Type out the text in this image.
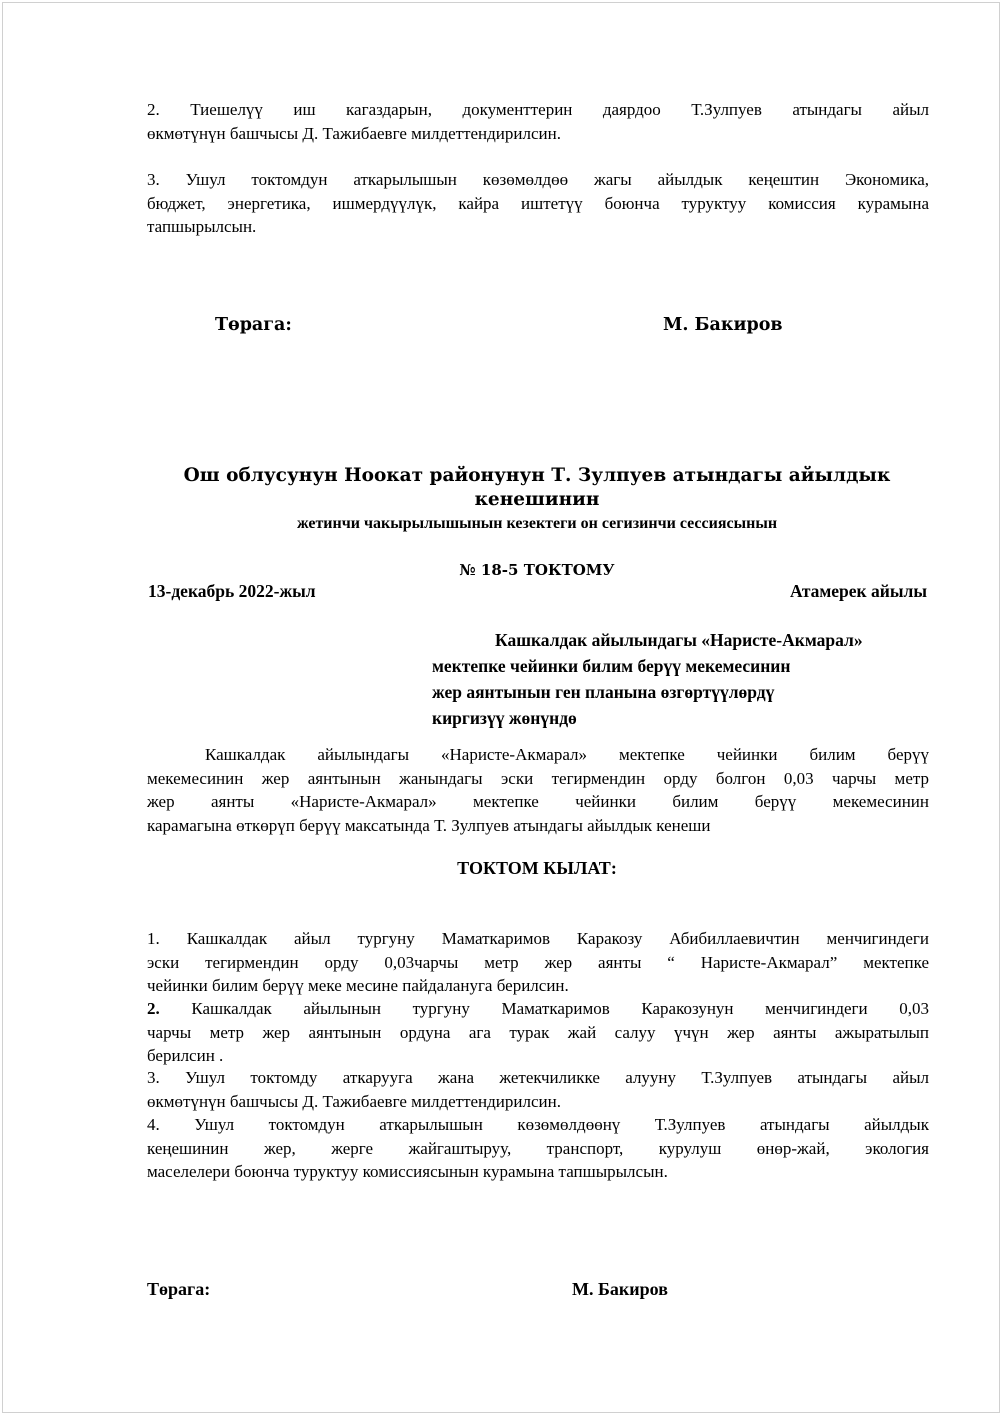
2. Тиешелүү иш кагаздарын, документтерин даярдоо Т.Зулпуев атындагы айыл
өкмөтүнүн башчысы Д. Тажибаевге милдеттендирилсин.
3. Ушул токтомдун аткарылышын көзөмөлдөө жагы айылдык кеңештин Экономика,
бюджет, энергетика, ишмердүүлүк, кайра иштетүү боюнча туруктуу комиссия курамына
тапшырылсын.
Төрага:	М. Бакиров
Ош облусунун Ноокат районунун Т. Зулпуев атындагы айылдык
кенешинин
жетинчи чакырылышынын кезектеги он сегизинчи сессиясынын
№ 18-5 ТОКТОМУ
13-декабрь 2022-жыл	Атамерек айылы
Кашкалдак айылындагы «Наристе-Акмарал»
мектепке чейинки билим берүү мекемесинин
жер аянтынын ген планына өзгөртүүлөрдү
киргизүү жөнүндө
Кашкалдак айылындагы «Наристе-Акмарал» мектепке чейинки билим берүү
мекемесинин жер аянтынын жанындагы эски тегирмендин орду болгон 0,03 чарчы метр
жер аянты «Наристе-Акмарал» мектепке чейинки билим берүү мекемесинин
карамагына өткөрүп берүү максатында Т. Зулпуев атындагы айылдык кенеши
ТОКТОМ КЫЛАТ:
1. Кашкалдак айыл тургуну Маматкаримов Каракозу Абибиллаевичтин менчигиндеги
эски тегирмендин орду 0,03чарчы метр жер аянты “ Наристе-Акмарал” мектепке
чейинки билим берүү меке месине пайдалануга берилсин.
2. Кашкалдак айылынын тургуну Маматкаримов Каракозунун менчигиндеги 0,03
чарчы метр жер аянтынын ордуна ага турак жай салуу үчүн жер аянты ажыратылып
берилсин .
3. Ушул токтомду аткарууга жана жетекчиликке алууну Т.Зулпуев атындагы айыл
өкмөтүнүн башчысы Д. Тажибаевге милдеттендирилсин.
4. Ушул токтомдун аткарылышын көзөмөлдөөнү Т.Зулпуев атындагы айылдык
кеңешинин жер, жерге жайгаштыруу, транспорт, курулуш өнөр-жай, экология
маселелери боюнча туруктуу комиссиясынын курамына тапшырылсын.
Төрага:	М. Бакиров
